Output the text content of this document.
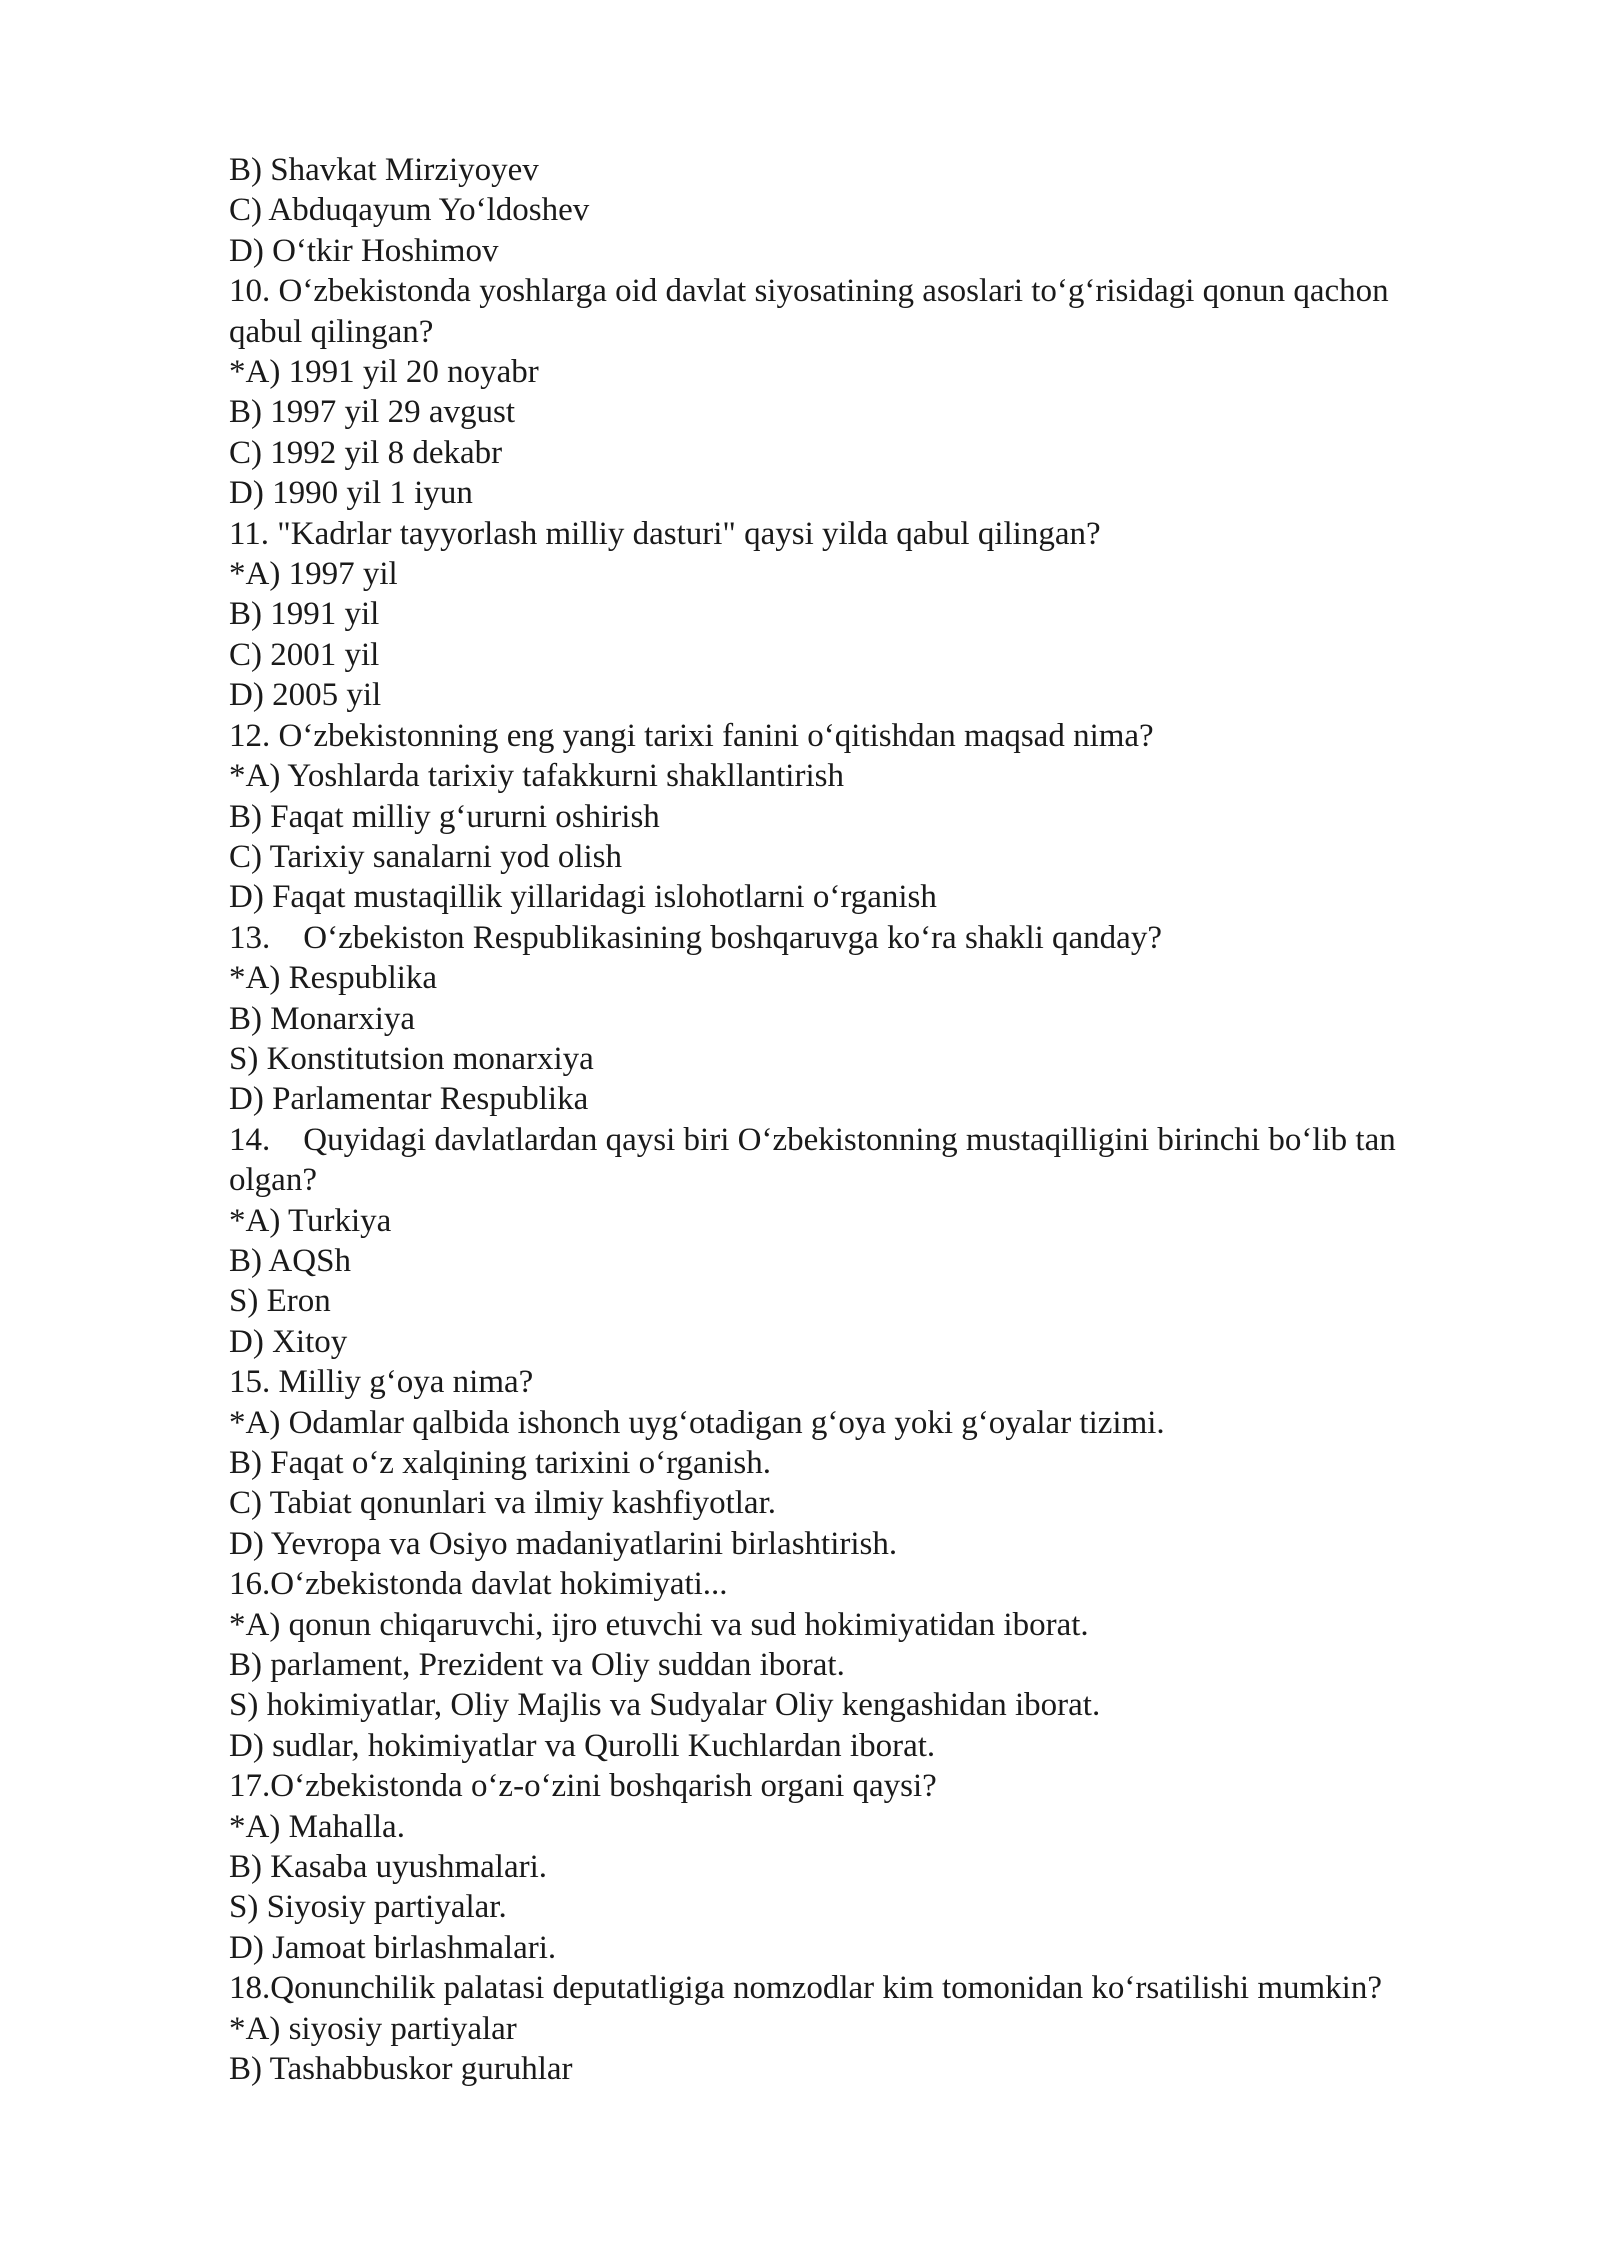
B) Shavkat Mirziyoyev
C) Abduqayum Yo‘ldoshev
D) O‘tkir Hoshimov
10. O‘zbekistonda yoshlarga oid davlat siyosatining asoslari to‘g‘risidagi qonun qachon
qabul qilingan?
*A) 1991 yil 20 noyabr
B) 1997 yil 29 avgust
C) 1992 yil 8 dekabr
D) 1990 yil 1 iyun
11. "Kadrlar tayyorlash milliy dasturi" qaysi yilda qabul qilingan?
*A) 1997 yil
B) 1991 yil
C) 2001 yil
D) 2005 yil
12. O‘zbekistonning eng yangi tarixi fanini o‘qitishdan maqsad nima?
*A) Yoshlarda tarixiy tafakkurni shakllantirish
B) Faqat milliy g‘ururni oshirish
C) Tarixiy sanalarni yod olish
D) Faqat mustaqillik yillaridagi islohotlarni o‘rganish
13.    O‘zbekiston Respublikasining boshqaruvga ko‘ra shakli qanday?
*A) Respublika
B) Monarxiya
S) Konstitutsion monarxiya
D) Parlamentar Respublika
14.    Quyidagi davlatlardan qaysi biri O‘zbekistonning mustaqilligini birinchi bo‘lib tan
olgan?
*A) Turkiya
B) AQSh
S) Eron
D) Xitoy
15. Milliy g‘oya nima?
*A) Odamlar qalbida ishonch uyg‘otadigan g‘oya yoki g‘oyalar tizimi.
B) Faqat o‘z xalqining tarixini o‘rganish.
C) Tabiat qonunlari va ilmiy kashfiyotlar.
D) Yevropa va Osiyo madaniyatlarini birlashtirish.
16.O‘zbekistonda davlat hokimiyati...
*A) qonun chiqaruvchi, ijro etuvchi va sud hokimiyatidan iborat.
B) parlament, Prezident va Oliy suddan iborat.
S) hokimiyatlar, Oliy Majlis va Sudyalar Oliy kengashidan iborat.
D) sudlar, hokimiyatlar va Qurolli Kuchlardan iborat.
17.O‘zbekistonda o‘z-o‘zini boshqarish organi qaysi?
*A) Mahalla.
B) Kasaba uyushmalari.
S) Siyosiy partiyalar.
D) Jamoat birlashmalari.
18.Qonunchilik palatasi deputatligiga nomzodlar kim tomonidan ko‘rsatilishi mumkin?
*A) siyosiy partiyalar
B) Tashabbuskor guruhlar
